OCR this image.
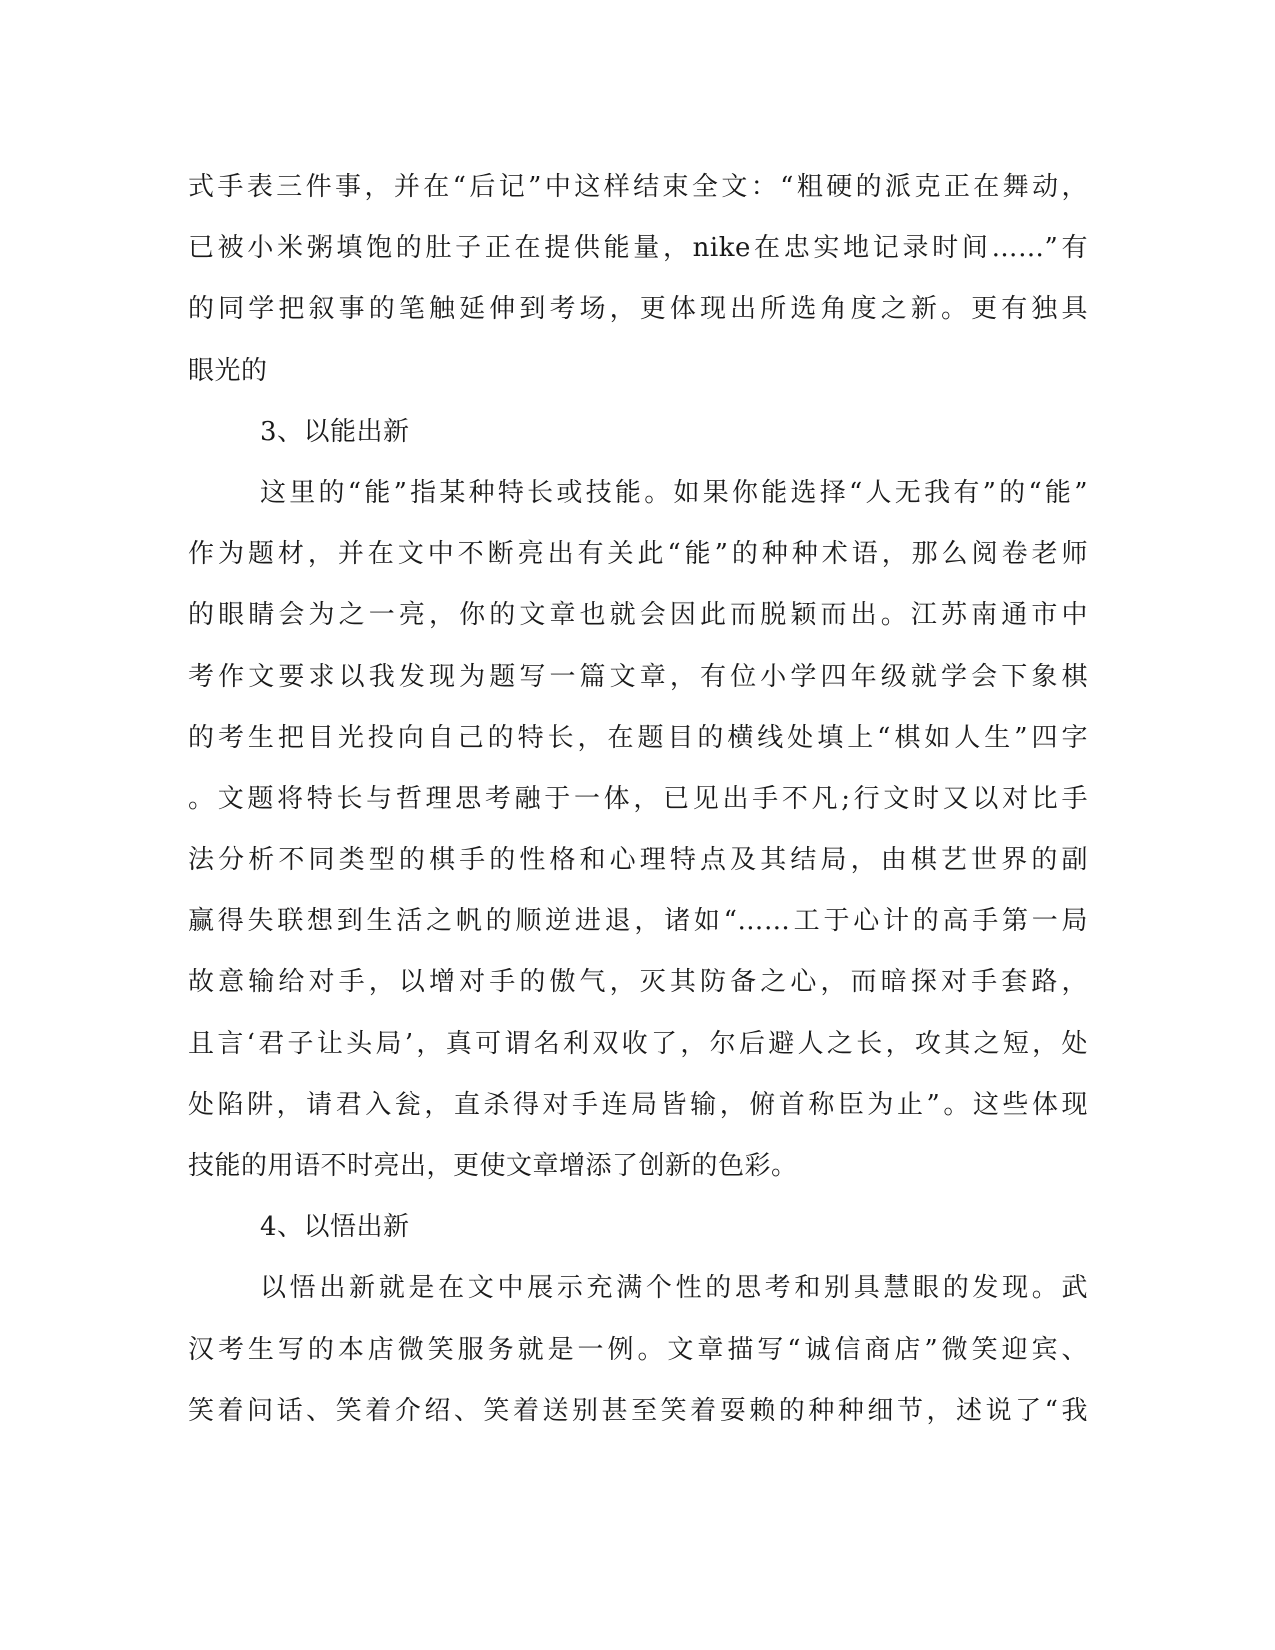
式手表三件事，并在“后记”中这样结束全文：“粗硬的派克正在舞动，
已被小米粥填饱的肚子正在提供能量，nike在忠实地记录时间……”有
的同学把叙事的笔触延伸到考场，更体现出所选角度之新。更有独具
眼光的
3、以能出新
这里的“能”指某种特长或技能。如果你能选择“人无我有”的“能”
作为题材，并在文中不断亮出有关此“能”的种种术语，那么阅卷老师
的眼睛会为之一亮，你的文章也就会因此而脱颖而出。江苏南通市中
考作文要求以我发现为题写一篇文章，有位小学四年级就学会下象棋
的考生把目光投向自己的特长，在题目的横线处填上“棋如人生”四字
。文题将特长与哲理思考融于一体，已见出手不凡;行文时又以对比手
法分析不同类型的棋手的性格和心理特点及其结局，由棋艺世界的副
赢得失联想到生活之帆的顺逆进退，诸如“……工于心计的高手第一局
故意输给对手，以增对手的傲气，灭其防备之心，而暗探对手套路，
且言‘君子让头局’，真可谓名利双收了，尔后避人之长，攻其之短，处
处陷阱，请君入瓮，直杀得对手连局皆输，俯首称臣为止”。这些体现
技能的用语不时亮出，更使文章增添了创新的色彩。
4、以悟出新
以悟出新就是在文中展示充满个性的思考和别具慧眼的发现。武
汉考生写的本店微笑服务就是一例。文章描写“诚信商店”微笑迎宾、
笑着问话、笑着介绍、笑着送别甚至笑着耍赖的种种细节，述说了“我
